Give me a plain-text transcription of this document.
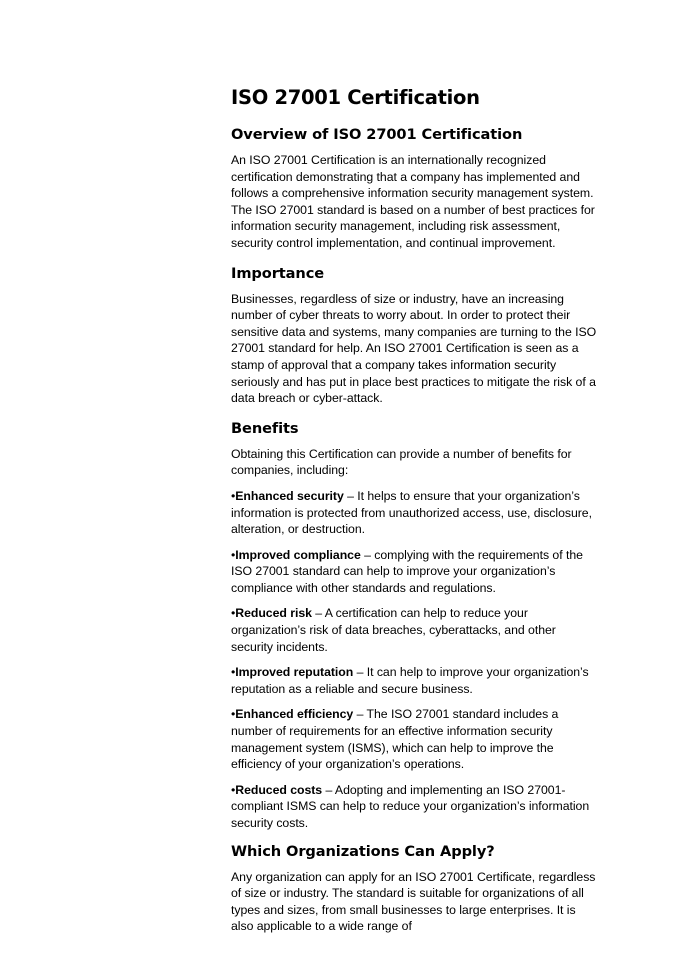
ISO 27001 Certification
Overview of ISO 27001 Certification

An ISO 27001 Certification is an internationally recognized certification demonstrating that a company has implemented and follows a comprehensive information security management system. The ISO 27001 standard is based on a number of best practices for information security management, including risk assessment, security control implementation, and continual improvement.

Importance

Businesses, regardless of size or industry, have an increasing number of cyber threats to worry about. In order to protect their sensitive data and systems, many companies are turning to the ISO 27001 standard for help. An ISO 27001 Certification is seen as a stamp of approval that a company takes information security seriously and has put in place best practices to mitigate the risk of a data breach or cyber-attack.

Benefits

Obtaining this Certification can provide a number of benefits for companies, including:

•Enhanced security – It helps to ensure that your organization’s information is protected from unauthorized access, use, disclosure, alteration, or destruction.
•Improved compliance – complying with the requirements of the ISO 27001 standard can help to improve your organization’s compliance with other standards and regulations.
•Reduced risk – A certification can help to reduce your organization’s risk of data breaches, cyberattacks, and other security incidents.
•Improved reputation – It can help to improve your organization’s reputation as a reliable and secure business.
•Enhanced efficiency – The ISO 27001 standard includes a number of requirements for an effective information security management system (ISMS), which can help to improve the efficiency of your organization’s operations.
•Reduced costs – Adopting and implementing an ISO 27001-compliant ISMS can help to reduce your organization’s information security costs.
Which Organizations Can Apply?

Any organization can apply for an ISO 27001 Certificate, regardless of size or industry. The standard is suitable for organizations of all types and sizes, from small businesses to large enterprises. It is also applicable to a wide range of
